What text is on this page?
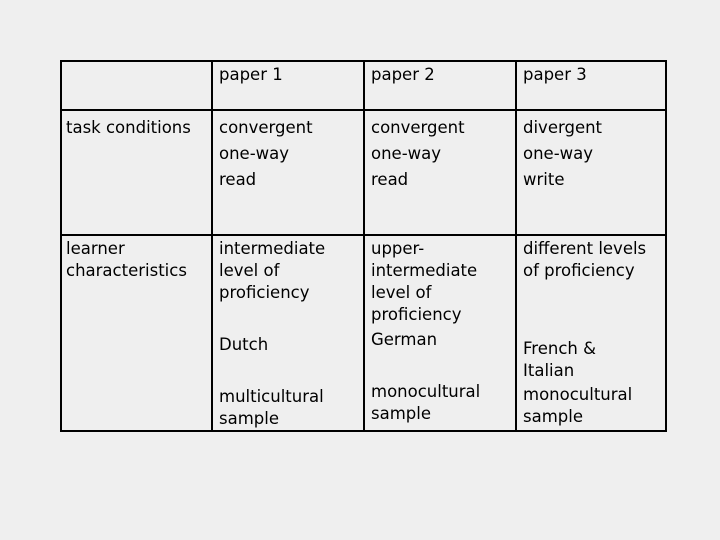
paper 1	paper 2	paper 3
task conditions convergent
one-way
read
convergent
one-way
read
divergent
one-way
write
learner
characteristics
intermediate
level of
proficiency
Dutch
multicultural
sample
upper-
intermediate
level of
proficiency
German
monocultural
sample
different levels
of proficiency
French &
Italian
monocultural
sample
